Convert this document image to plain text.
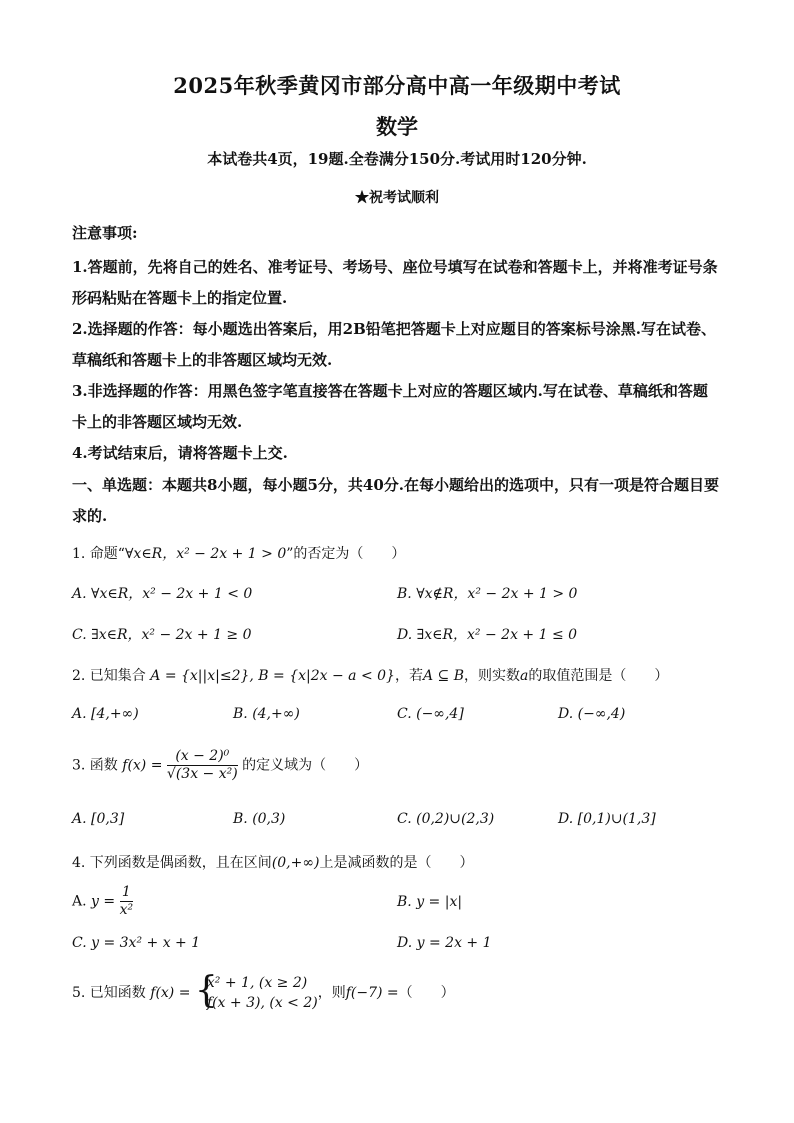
2025年秋季黄冈市部分高中高一年级期中考试
数学
本试卷共4页，19题.全卷满分150分.考试用时120分钟.
★祝考试顺利
注意事项:
1.答题前，先将自己的姓名、准考证号、考场号、座位号填写在试卷和答题卡上，并将准考证号条形码粘贴在答题卡上的指定位置.
2.选择题的作答：每小题选出答案后，用2B铅笔把答题卡上对应题目的答案标号涂黑.写在试卷、草稿纸和答题卡上的非答题区域均无效.
3.非选择题的作答：用黑色签字笔直接答在答题卡上对应的答题区域内.写在试卷、草稿纸和答题卡上的非答题区域均无效.
4.考试结束后，请将答题卡上交.
一、单选题：本题共8小题，每小题5分，共40分.在每小题给出的选项中，只有一项是符合题目要求的.
1. 命题“∀x∈R，x² − 2x + 1 > 0”的否定为（　　）
A. ∀x∈R，x² − 2x + 1 < 0	B. ∀x∉R，x² − 2x + 1 > 0
C. ∃x∈R，x² − 2x + 1 ≥ 0	D. ∃x∈R，x² − 2x + 1 ≤ 0
2. 已知集合 A = {x||x|≤2}, B = {x|2x − a < 0}，若A ⊆ B，则实数a的取值范围是（　　）
A. [4,+∞)	B. (4,+∞)	C. (−∞,4]	D. (−∞,4)
3. 函数 $f(x) = \frac{\text{(x − 2)⁰}}{\text{√(3x − x²)}}$ 的定义域为（　　）
A. [0,3]	B. (0,3)	C. (0,2)∪(2,3)	D. [0,1)∪(1,3]
4. 下列函数是偶函数，且在区间(0,+∞)上是减函数的是（　　）
A. $y = \frac{1}{\text{x²}}$	B. y = |x|
C. y = 3x² + x + 1	D. y = 2x + 1
5. 已知函数 f(x) = {
x² + 1, (x ≥ 2)
f(x + 3), (x < 2)
，则f(−7) =（　　）
